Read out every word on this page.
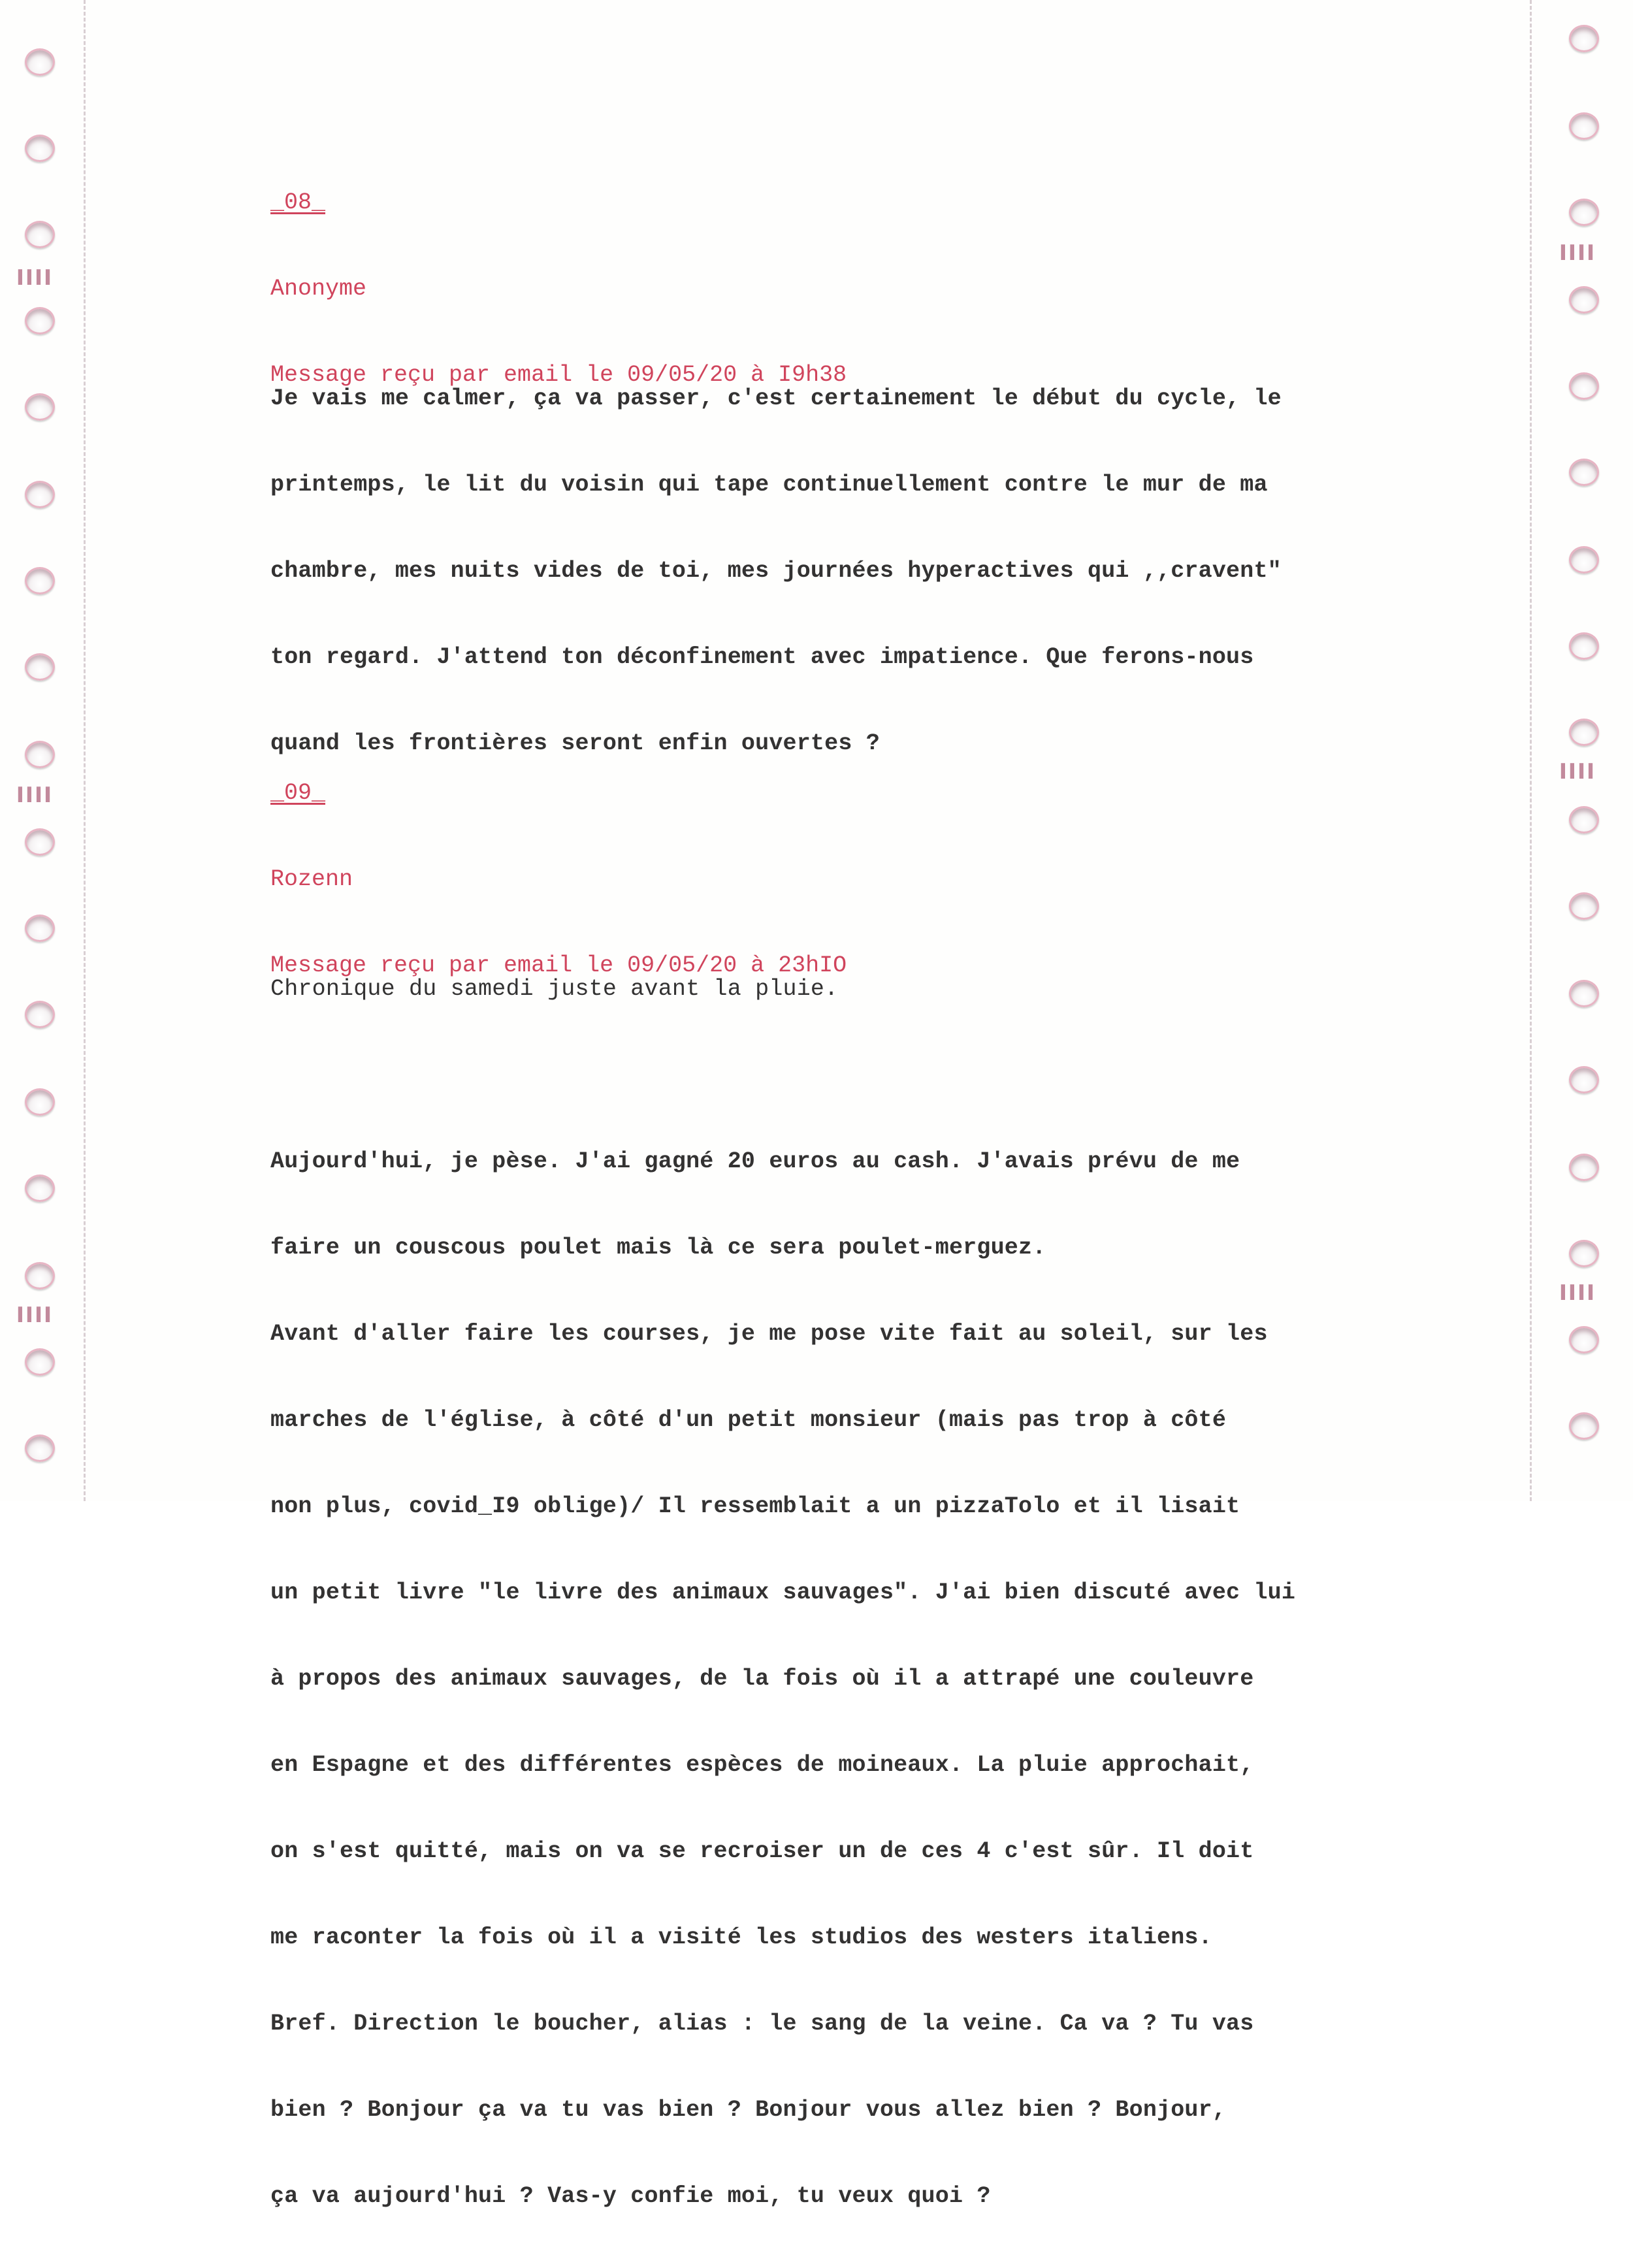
▌▌▌▌
▌▌▌▌
▌▌▌▌
▌▌▌▌
▌▌▌▌
▌▌▌▌

_08_

Anonyme

Message reçu par email le 09/05/20 à I9h38

Je vais me calmer, ça va passer, c'est certainement le début du cycle, le

printemps, le lit du voisin qui tape continuellement contre le mur de ma

chambre, mes nuits vides de toi, mes journées hyperactives qui ,,cravent"

ton regard. J'attend ton déconfinement avec impatience. Que ferons-nous

quand les frontières seront enfin ouvertes ?

_09_

Rozenn

Message reçu par email le 09/05/20 à 23hIO

Chronique du samedi juste avant la pluie.

Aujourd'hui, je pèse. J'ai gagné 20 euros au cash. J'avais prévu de me

faire un couscous poulet mais là ce sera poulet-merguez.

Avant d'aller faire les courses, je me pose vite fait au soleil, sur les

marches de l'église, à côté d'un petit monsieur (mais pas trop à côté

non plus, covid_I9 oblige)/ Il ressemblait a un pizzaTolo et il lisait

un petit livre "le livre des animaux sauvages". J'ai bien discuté avec lui

à propos des animaux sauvages, de la fois où il a attrapé une couleuvre

en Espagne et des différentes espèces de moineaux. La pluie approchait,

on s'est quitté, mais on va se recroiser un de ces 4 c'est sûr. Il doit

me raconter la fois où il a visité les studios des westers italiens.

Bref. Direction le boucher, alias : le sang de la veine. Ca va ? Tu vas

bien ? Bonjour ça va tu vas bien ? Bonjour vous allez bien ? Bonjour,

ça va aujourd'hui ? Vas-y confie moi, tu veux quoi ?
